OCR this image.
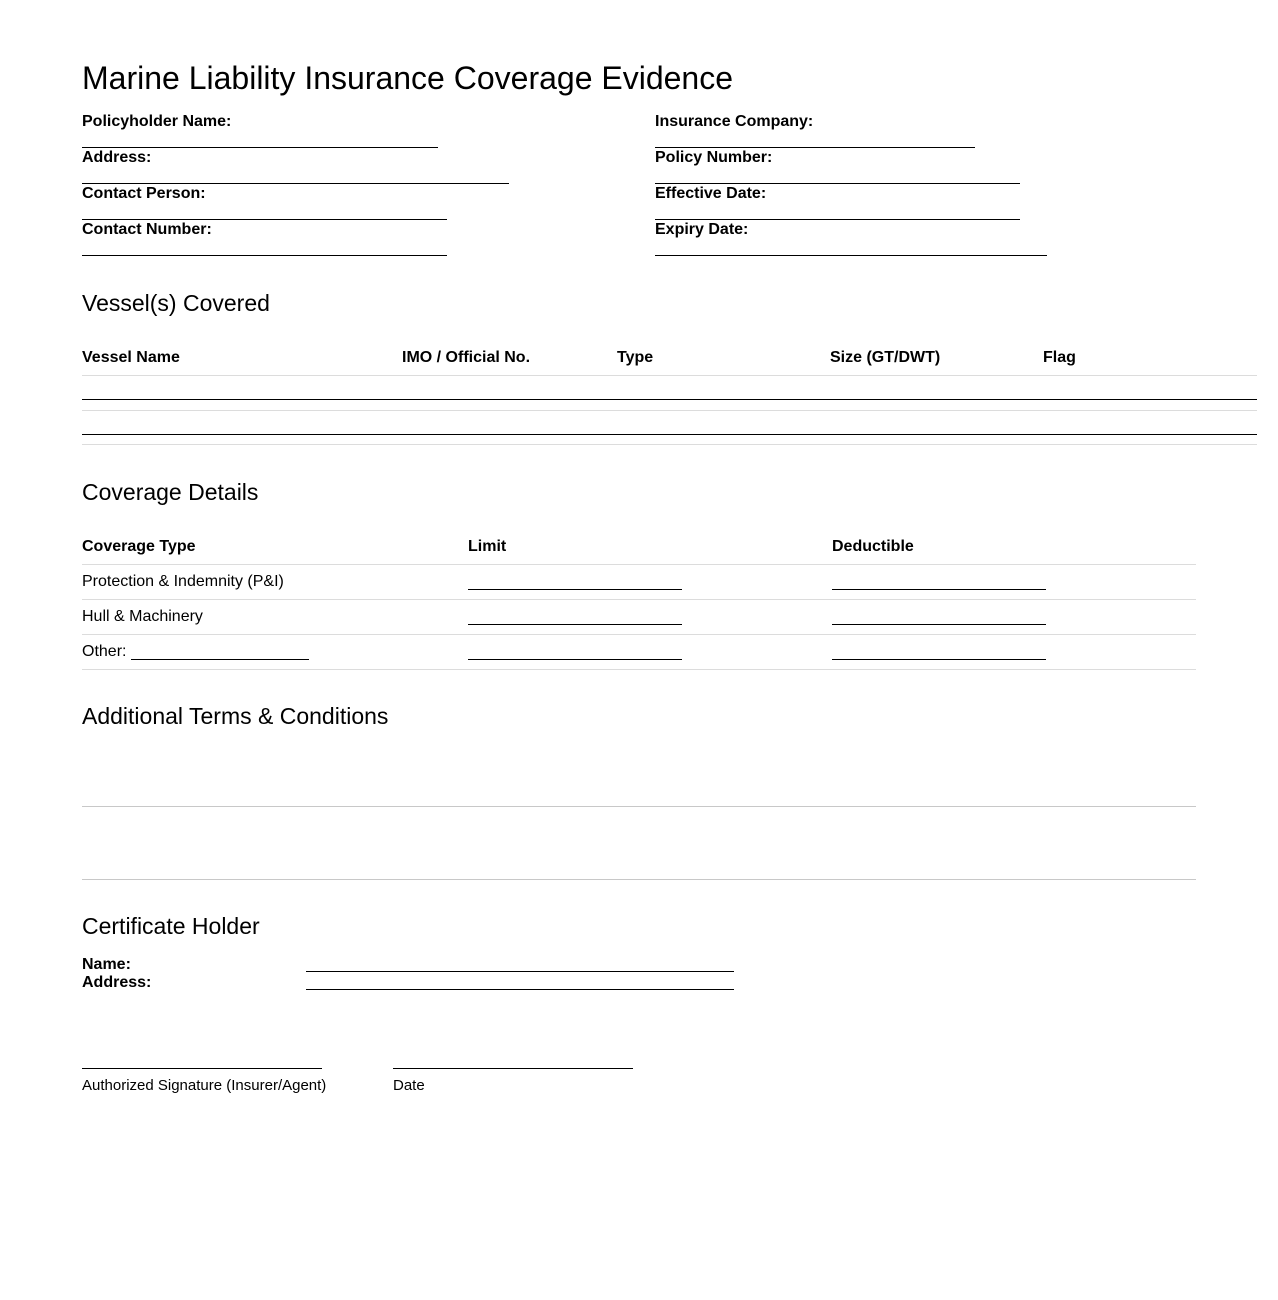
Marine Liability Insurance Coverage Evidence
Policyholder Name:
Address:
Contact Person:
Contact Number:
Insurance Company:
Policy Number:
Effective Date:
Expiry Date:
Vessel(s) Covered
Vessel Name	IMO / Official No.	Type	Size (GT/DWT)	Flag
Coverage Details
Coverage Type	Limit	Deductible
Protection & Indemnity (P&I)
Hull & Machinery
Other:
Additional Terms & Conditions
Certificate Holder
Name:
Address:
Authorized Signature (Insurer/Agent)	Date
